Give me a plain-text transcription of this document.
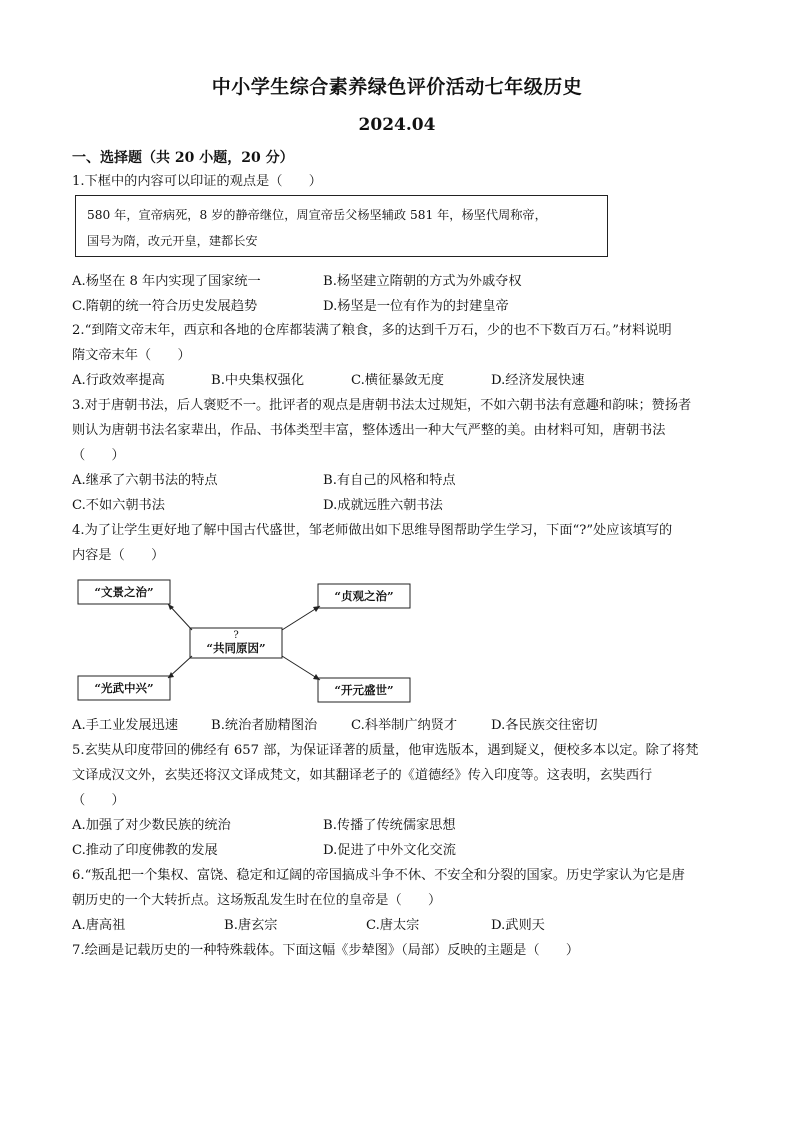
中小学生综合素养绿色评价活动七年级历史
2024.04
一、选择题（共 20 小题，20 分）
1.下框中的内容可以印证的观点是（　　）
580 年，宣帝病死，8 岁的静帝继位，周宣帝岳父杨坚辅政 581 年，杨坚代周称帝，
国号为隋，改元开皇，建都长安
A.杨坚在 8 年内实现了国家统一	B.杨坚建立隋朝的方式为外戚夺权
C.隋朝的统一符合历史发展趋势	D.杨坚是一位有作为的封建皇帝
2.“到隋文帝末年，西京和各地的仓库都装满了粮食，多的达到千万石，少的也不下数百万石。”材料说明
隋文帝末年（　　）
A.行政效率提高	B.中央集权强化	C.横征暴敛无度	D.经济发展快速
3.对于唐朝书法，后人褒贬不一。批评者的观点是唐朝书法太过规矩，不如六朝书法有意趣和韵味；赞扬者
则认为唐朝书法名家辈出，作品、书体类型丰富，整体透出一种大气严整的美。由材料可知，唐朝书法
（　　）
A.继承了六朝书法的特点	B.有自己的风格和特点
C.不如六朝书法	D.成就远胜六朝书法
4.为了让学生更好地了解中国古代盛世，邹老师做出如下思维导图帮助学生学习，下面“?”处应该填写的
内容是（　　）
“文景之治”	“贞观之治”
?
“共同原因”
“光武中兴”	“开元盛世”
A.手工业发展迅速 B.统治者励精图治	C.科举制广纳贤才	D.各民族交往密切
5.玄奘从印度带回的佛经有 657 部，为保证译著的质量，他审选版本，遇到疑义，便校多本以定。除了将梵
文译成汉文外，玄奘还将汉文译成梵文，如其翻译老子的《道德经》传入印度等。这表明，玄奘西行
（　　）
A.加强了对少数民族的统治	B.传播了传统儒家思想
C.推动了印度佛教的发展	D.促进了中外文化交流
6.“叛乱把一个集权、富饶、稳定和辽阔的帝国搞成斗争不休、不安全和分裂的国家。历史学家认为它是唐
朝历史的一个大转折点。这场叛乱发生时在位的皇帝是（　　）
A.唐高祖	B.唐玄宗	C.唐太宗	D.武则天
7.绘画是记载历史的一种特殊载体。下面这幅《步辇图》（局部）反映的主题是（　　）
